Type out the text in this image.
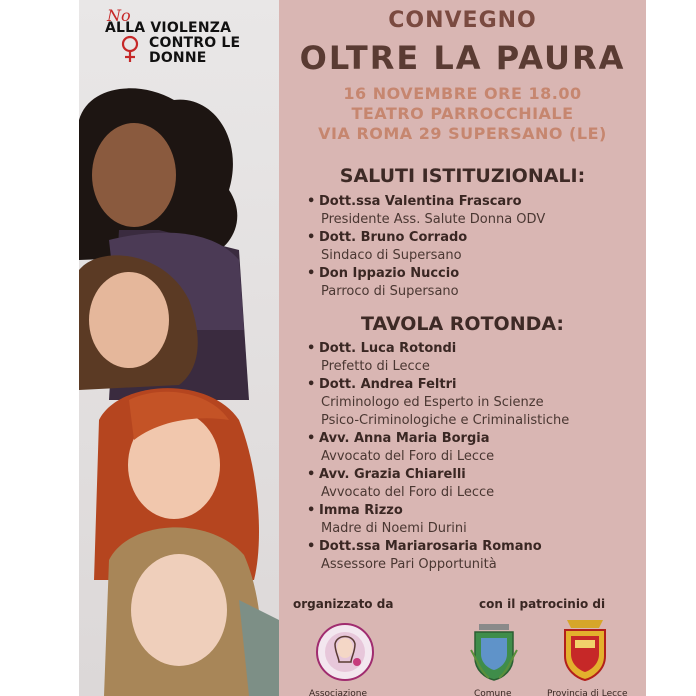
No
ALLA VIOLENZA
CONTRO LE
DONNE
CONVEGNO
OLTRE LA PAURA
16 NOVEMBRE ORE 18.00
TEATRO PARROCCHIALE
VIA ROMA 29 SUPERSANO (LE)
SALUTI ISTITUZIONALI:
• Dott.ssa Valentina Frascaro
Presidente Ass. Salute Donna ODV
• Dott. Bruno Corrado
Sindaco di Supersano
• Don Ippazio Nuccio
Parroco di Supersano
TAVOLA ROTONDA:
• Dott. Luca Rotondi
Prefetto di Lecce
• Dott. Andrea Feltri
Criminologo ed Esperto in Scienze
Psico-Criminologiche e Criminalistiche
• Avv. Anna Maria Borgia
Avvocato del Foro di Lecce
• Avv. Grazia Chiarelli
Avvocato del Foro di Lecce
• Imma Rizzo
Madre di Noemi Durini
• Dott.ssa Mariarosaria Romano
Assessore Pari Opportunità
organizzato da	con il patrocinio di
Associazione	Comune	Provincia di Lecce
